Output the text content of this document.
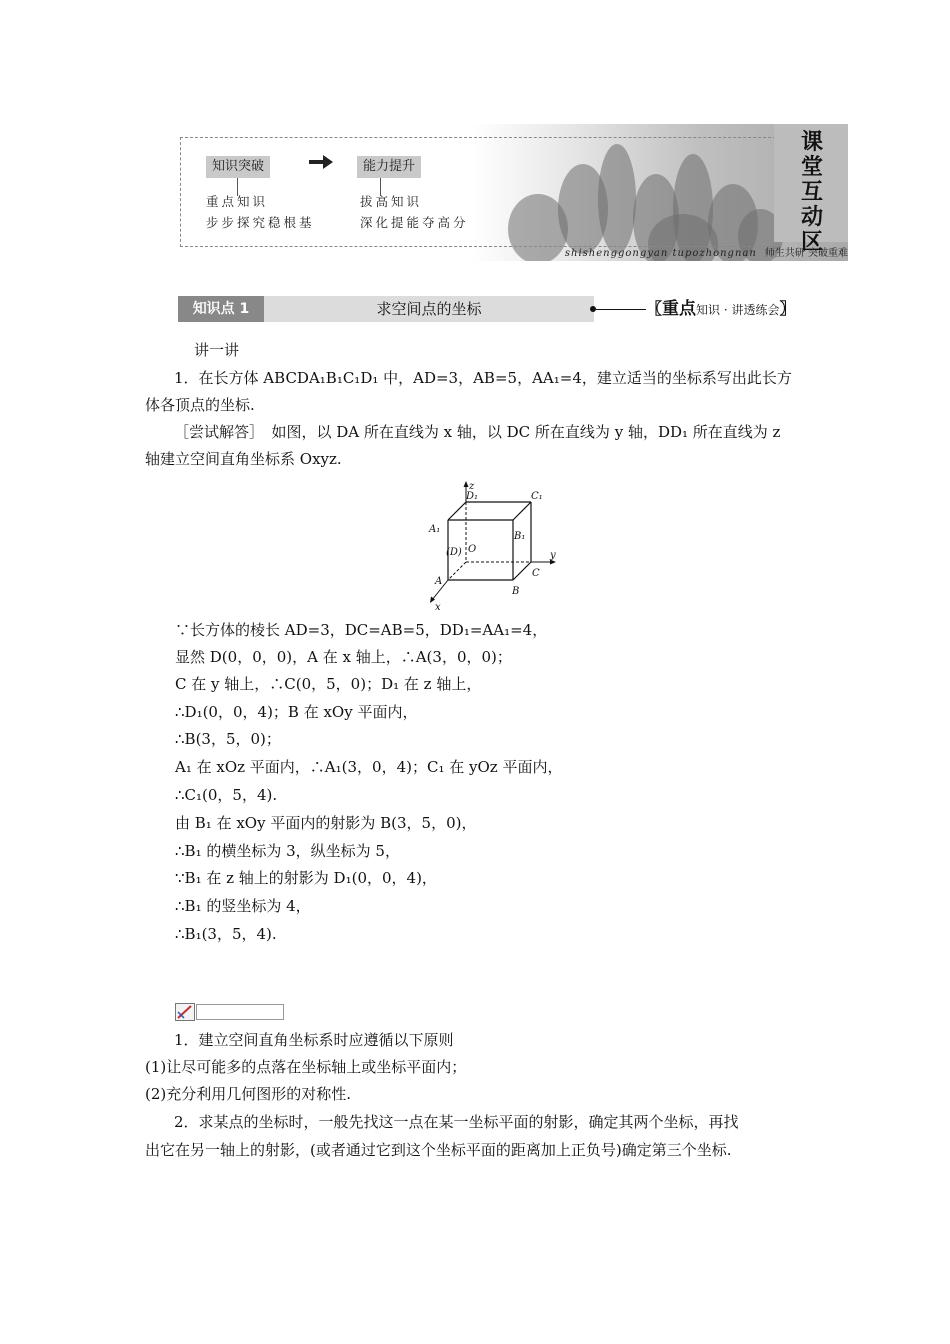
知识突破	能力提升
重点知识
步步探究稳根基
拔高知识
深化提能夺高分
课堂互动区
shishenggongyan tupozhongnan 师生共研 突破重难
知识点 1	求空间点的坐标	〖重点知识 · 讲透练会〗
讲一讲
1．在长方体 ABCDA₁B₁C₁D₁ 中，AD=3，AB=5，AA₁=4，建立适当的坐标系写出此长方
体各顶点的坐标.
［尝试解答］　如图，以 DA 所在直线为 x 轴，以 DC 所在直线为 y 轴，DD₁ 所在直线为 z
轴建立空间直角坐标系 Oxyz.
z
y
x
D₁	C₁
A₁
B₁
(D) O
C
A
B
∵长方体的棱长 AD=3，DC=AB=5，DD₁=AA₁=4，
显然 D(0，0，0)，A 在 x 轴上，∴A(3，0，0)；
C 在 y 轴上，∴C(0，5，0)；D₁ 在 z 轴上，
∴D₁(0，0，4)；B 在 xOy 平面内，
∴B(3，5，0)；
A₁ 在 xOz 平面内，∴A₁(3，0，4)；C₁ 在 yOz 平面内，
∴C₁(0，5，4).
由 B₁ 在 xOy 平面内的射影为 B(3，5，0)，
∴B₁ 的横坐标为 3，纵坐标为 5，
∵B₁ 在 z 轴上的射影为 D₁(0，0，4)，
∴B₁ 的竖坐标为 4，
∴B₁(3，5，4).
1．建立空间直角坐标系时应遵循以下原则
(1)让尽可能多的点落在坐标轴上或坐标平面内；
(2)充分利用几何图形的对称性.
2．求某点的坐标时，一般先找这一点在某一坐标平面的射影，确定其两个坐标，再找
出它在另一轴上的射影，(或者通过它到这个坐标平面的距离加上正负号)确定第三个坐标.
